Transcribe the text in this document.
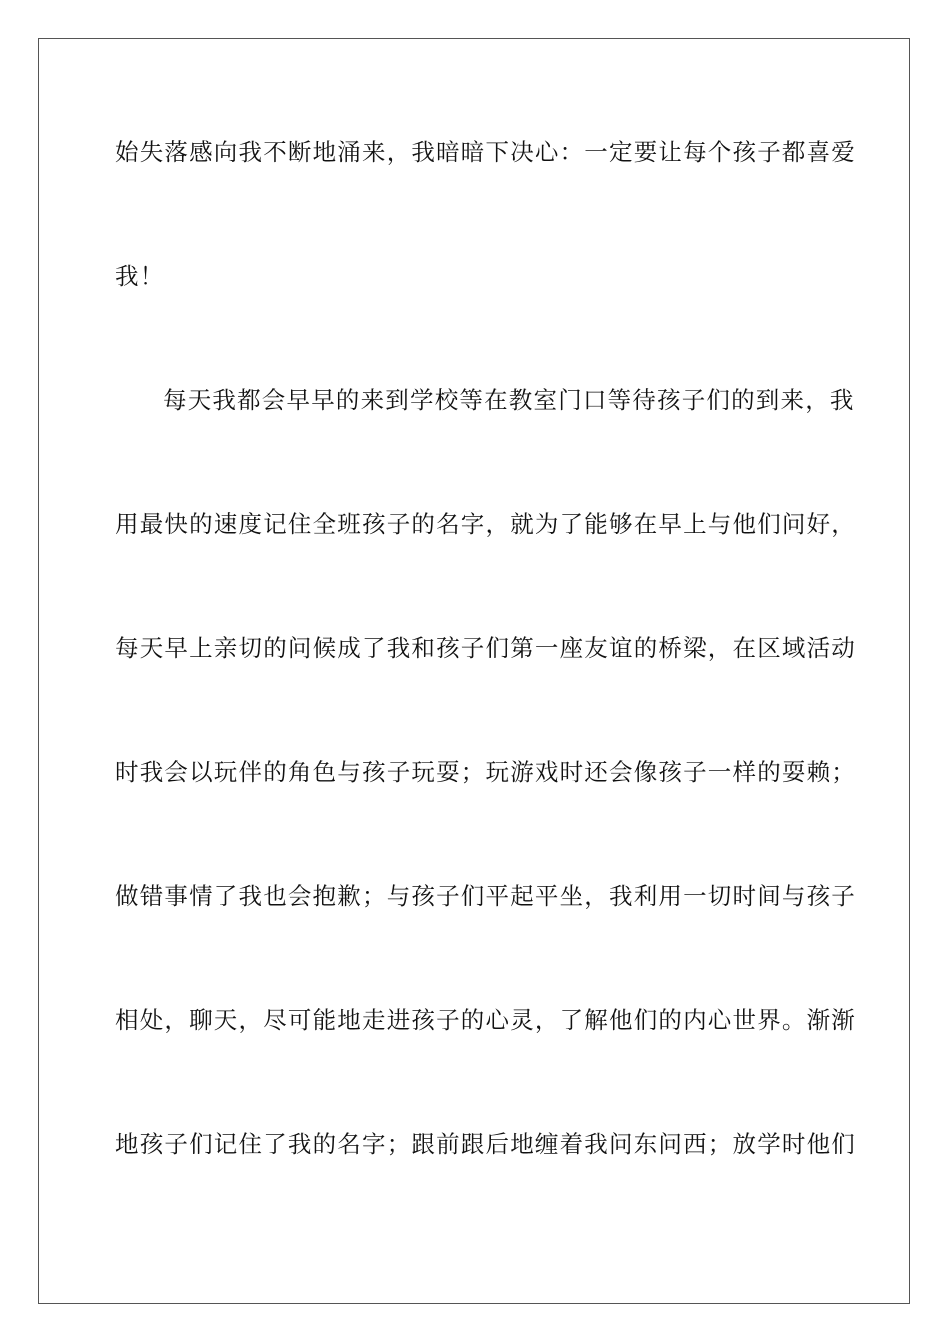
始失落感向我不断地涌来，我暗暗下决心：一定要让每个孩子都喜爱
我！
每天我都会早早的来到学校等在教室门口等待孩子们的到来，我
用最快的速度记住全班孩子的名字，就为了能够在早上与他们问好，
每天早上亲切的问候成了我和孩子们第一座友谊的桥梁，在区域活动
时我会以玩伴的角色与孩子玩耍；玩游戏时还会像孩子一样的耍赖；
做错事情了我也会抱歉；与孩子们平起平坐，我利用一切时间与孩子
相处，聊天，尽可能地走进孩子的心灵，了解他们的内心世界。渐渐
地孩子们记住了我的名字；跟前跟后地缠着我问东问西；放学时他们
